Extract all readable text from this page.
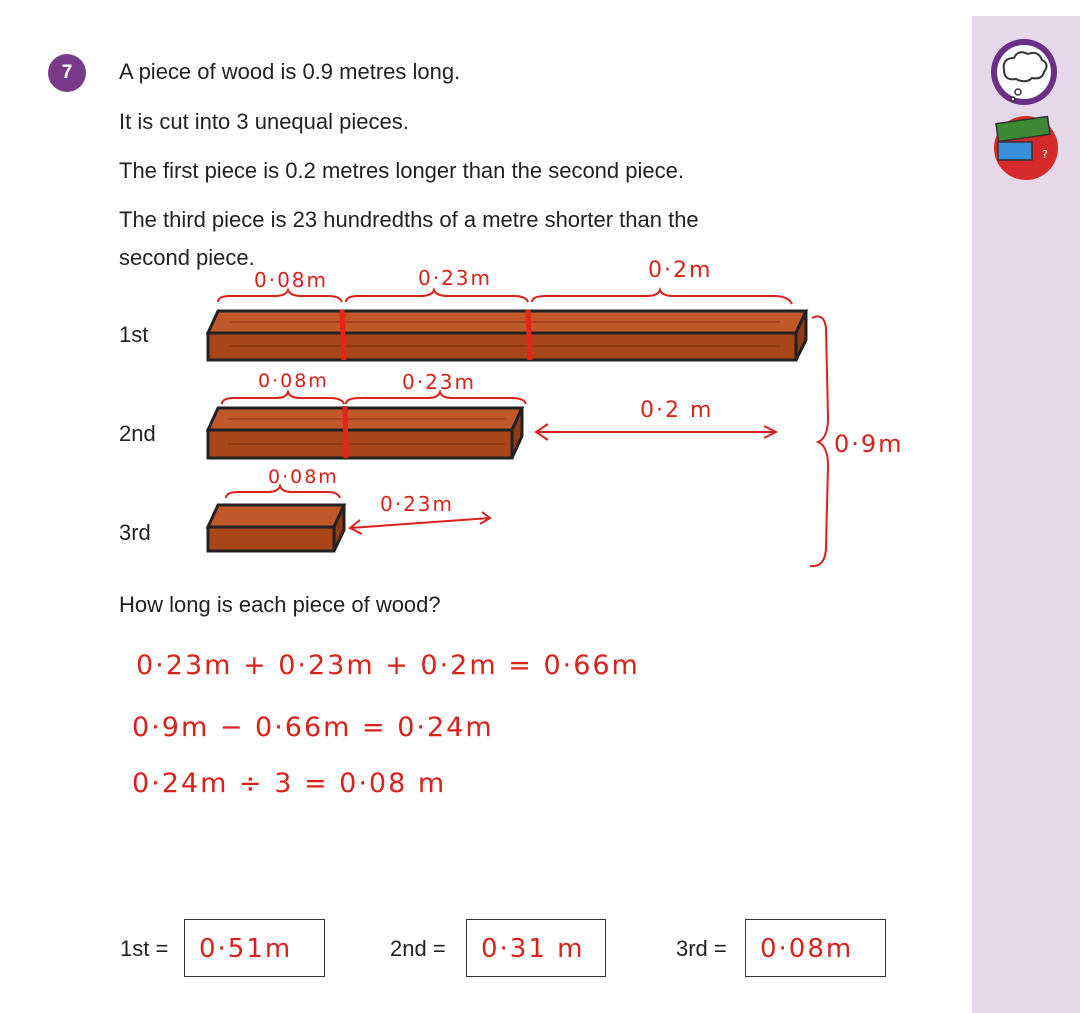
?
7	A piece of wood is 0.9 metres long.

It is cut into 3 unequal pieces.

The first piece is 0.2 metres longer than the second piece.

The third piece is 23 hundredths of a metre shorter than the

second piece.

1st
2nd
3rd
0·08m	0·23m	0·2m
0·08m	0·23m
0·2 m
0·08m
0·23m
0·9m

How long is each piece of wood?

0·23m + 0·23m + 0·2m = 0·66m
0·9m − 0·66m = 0·24m
0·24m ÷ 3 = 0·08 m
1st = 0·51m	2nd = 0·31 m	3rd = 0·08m
